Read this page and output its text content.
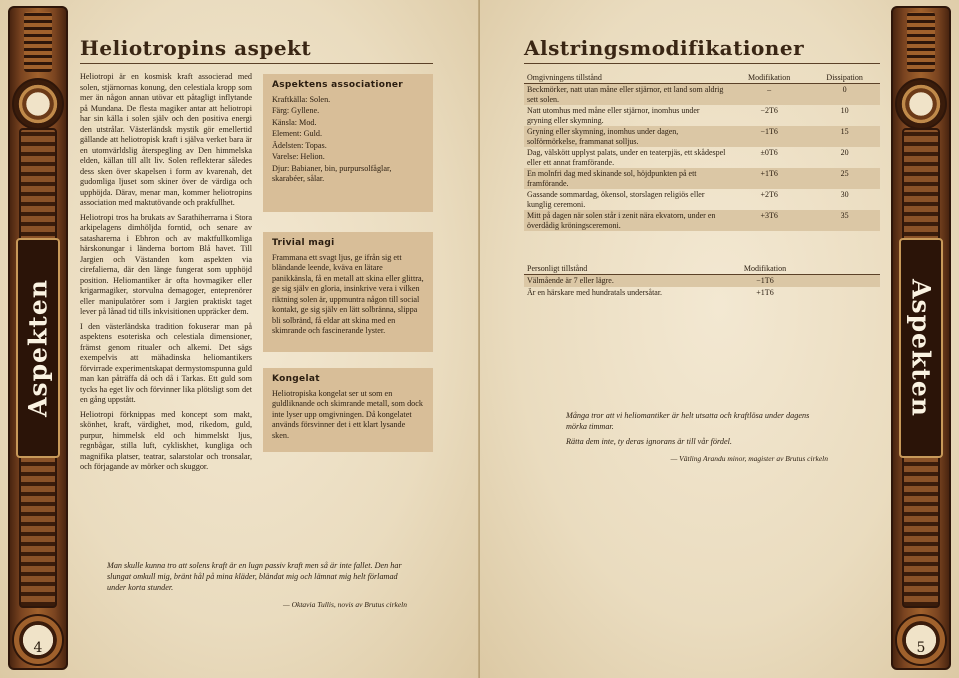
Aspekten
4
Heliotropins aspekt

Heliotropi är en kosmisk kraft associerad med solen, stjärnornas konung, den celestiala kropp som mer än någon annan utövar ett påtagligt inflytande på Mundana. De flesta magiker antar att heliotropi har sin källa i solen själv och den positiva energi den utstrålar. Västerländsk mystik gör emellertid gällande att heliotropisk kraft i själva verket bara är en utomvärldslig återspegling av Den himmelska elden, källan till allt liv. Solen reflekterar således dess sken över skapelsen i form av kvarenah, det gudomliga ljuset som skiner över de värdiga och upphöjda. Därav, menar man, kommer heliotropins association med maktutövande och prakfullhet.

Heliotropi tros ha brukats av Sarathiherrarna i Stora arkipelagens dimhöljda forntid, och senare av satasharerna i Ebhron och av maktfullkomliga härskonungar i länderna bortom Blå havet. Till Jargien och Västanden kom aspekten via cirefalierna, där den länge fungerat som upphöjd position. Heliomantiker är ofta hovmagiker eller krigarmagiker, storvulna demagoger, enteprenörer eller manipulatörer som i Jargien praktiskt taget lever på lånad tid tills inkvisitionen uppräcker dem.

I den västerländska tradition fokuserar man på aspektens esoteriska och celestiala dimensioner, främst genom ritualer och alkemi. Det sägs exempelvis att mähadinska heliomantikers förvirrade experimentskapat dermystomspunna guld man kan påträffa då och då i Tarkas. Ett guld som tycks ha eget liv och förvinner lika plötsligt som det en gång uppstått.

Heliotropi förknippas med koncept som makt, skönhet, kraft, värdighet, mod, rikedom, guld, purpur, himmelsk eld och himmelskt ljus, regnbågar, stilla luft, cykliskhet, kungliga och magnifika platser, teatrar, salarstolar och tronsalar, och förjagande av mörker och skuggor.

Aspektens associationer
Kraftkälla: Solen.
Färg: Gyllene.
Känsla: Mod.
Element: Guld.
Ädelsten: Topas.
Varelse: Helion.
Djur: Babianer, bin, purpursolfåglar, skarabéer, sålar.
Trivial magi
Frammana ett svagt ljus, ge ifrån sig ett bländande leende, kväva en lätare panikkänsla, få en metall att skina eller glittra, ge sig själv en gloria, insinkrive vera i vilken riktning solen är, uppmuntra någon till social kontakt, ge sig själv en lätt solbränna, slippa bli solbränd, få eldar att skina med en skimrande och fascinerande lyster.
Kongelat
Heliotropiska kongelat ser ut som en guldliknande och skimrande metall, som dock inte lyser upp omgivningen. Då kongelatet används försvinner det i ett klart lysande sken.
Man skulle kunna tro att solens kraft är en lugn passiv kraft men så är inte fallet. Den har slungat omkull mig, bränt hål på mina kläder, bländat mig och lämnat mig helt förlamad under korta stunder.
— Oktavia Tullis, novis av Brutus cirkeln
Aspekten
5
Alstringsmodifikationer
Omgivningens tillstånd	Modifikation	Dissipation
Beckmörker, natt utan måne eller stjärnor, ett land som aldrig sett solen.	–	0
Natt utomhus med måne eller stjärnor, inomhus under gryning eller skymning.	−2T6	10
Gryning eller skymning, inomhus under dagen, solförmörkelse, frammanat solljus.	−1T6	15
Dag, välskött upplyst palats, under en teaterpjäs, ett skådespel eller ett annat framförande.	±0T6	20
En molnfri dag med skinande sol, höjdpunkten på ett framförande.	+1T6	25
Gassande sommardag, ökensol, storslagen religiös eller kunglig ceremoni.	+2T6	30
Mitt på dagen när solen står i zenit nära ekvatorn, under en överdådig kröningsceremoni.	+3T6	35
Personligt tillstånd	Modifikation	
Välmående är 7 eller lägre.	−1T6	
Är en härskare med hundratals undersåtar.	+1T6	
Många tror att vi heliomantiker är helt utsatta och kraftlösa under dagens mörka timmar.
Rätta dem inte, ty deras ignorans är till vår fördel.
— Vätling Arandu minor, magister av Brutus cirkeln
